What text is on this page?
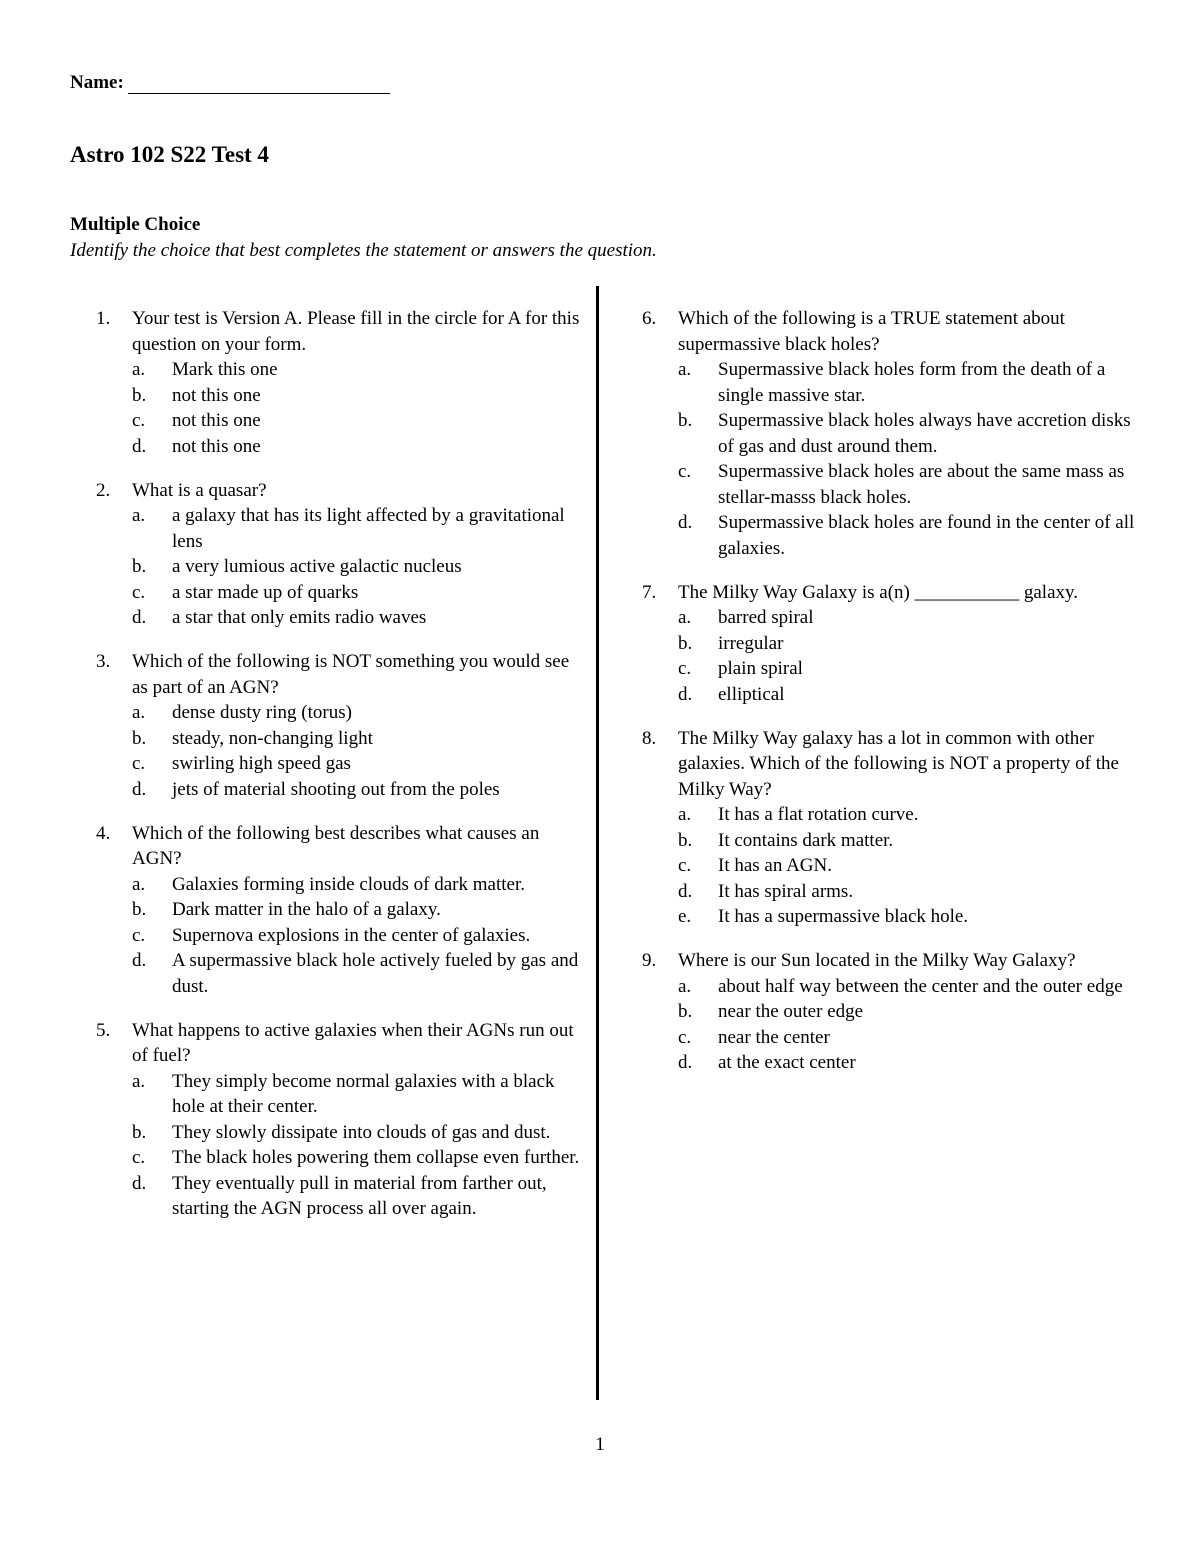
Name:
Astro 102 S22 Test 4
Multiple Choice
Identify the choice that best completes the statement or answers the question.
1.	Your test is Version A. Please fill in the circle for A for this question on your form.
a.	Mark this one
b.	not this one
c.	not this one
d.	not this one
2.	What is a quasar?
a.	a galaxy that has its light affected by a gravitational lens
b.	a very lumious active galactic nucleus
c.	a star made up of quarks
d.	a star that only emits radio waves
3.	Which of the following is NOT something you would see as part of an AGN?
a.	dense dusty ring (torus)
b.	steady, non-changing light
c.	swirling high speed gas
d.	jets of material shooting out from the poles
4.	Which of the following best describes what causes an AGN?
a.	Galaxies forming inside clouds of dark matter.
b.	Dark matter in the halo of a galaxy.
c.	Supernova explosions in the center of galaxies.
d.	A supermassive black hole actively fueled by gas and dust.
5.	What happens to active galaxies when their AGNs run out of fuel?
a.	They simply become normal galaxies with a black hole at their center.
b.	They slowly dissipate into clouds of gas and dust.
c.	The black holes powering them collapse even further.
d.	They eventually pull in material from farther out, starting the AGN process all over again.
6.	Which of the following is a TRUE statement about supermassive black holes?
a.	Supermassive black holes form from the death of a single massive star.
b.	Supermassive black holes always have accretion disks of gas and dust around them.
c.	Supermassive black holes are about the same mass as stellar-masss black holes.
d.	Supermassive black holes are found in the center of all galaxies.
7.	The Milky Way Galaxy is a(n) ___________ galaxy.
a.	barred spiral
b.	irregular
c.	plain spiral
d.	elliptical
8.	The Milky Way galaxy has a lot in common with other galaxies. Which of the following is NOT a property of the Milky Way?
a.	It has a flat rotation curve.
b.	It contains dark matter.
c.	It has an AGN.
d.	It has spiral arms.
e.	It has a supermassive black hole.
9.	Where is our Sun located in the Milky Way Galaxy?
a.	about half way between the center and the outer edge
b.	near the outer edge
c.	near the center
d.	at the exact center
1
